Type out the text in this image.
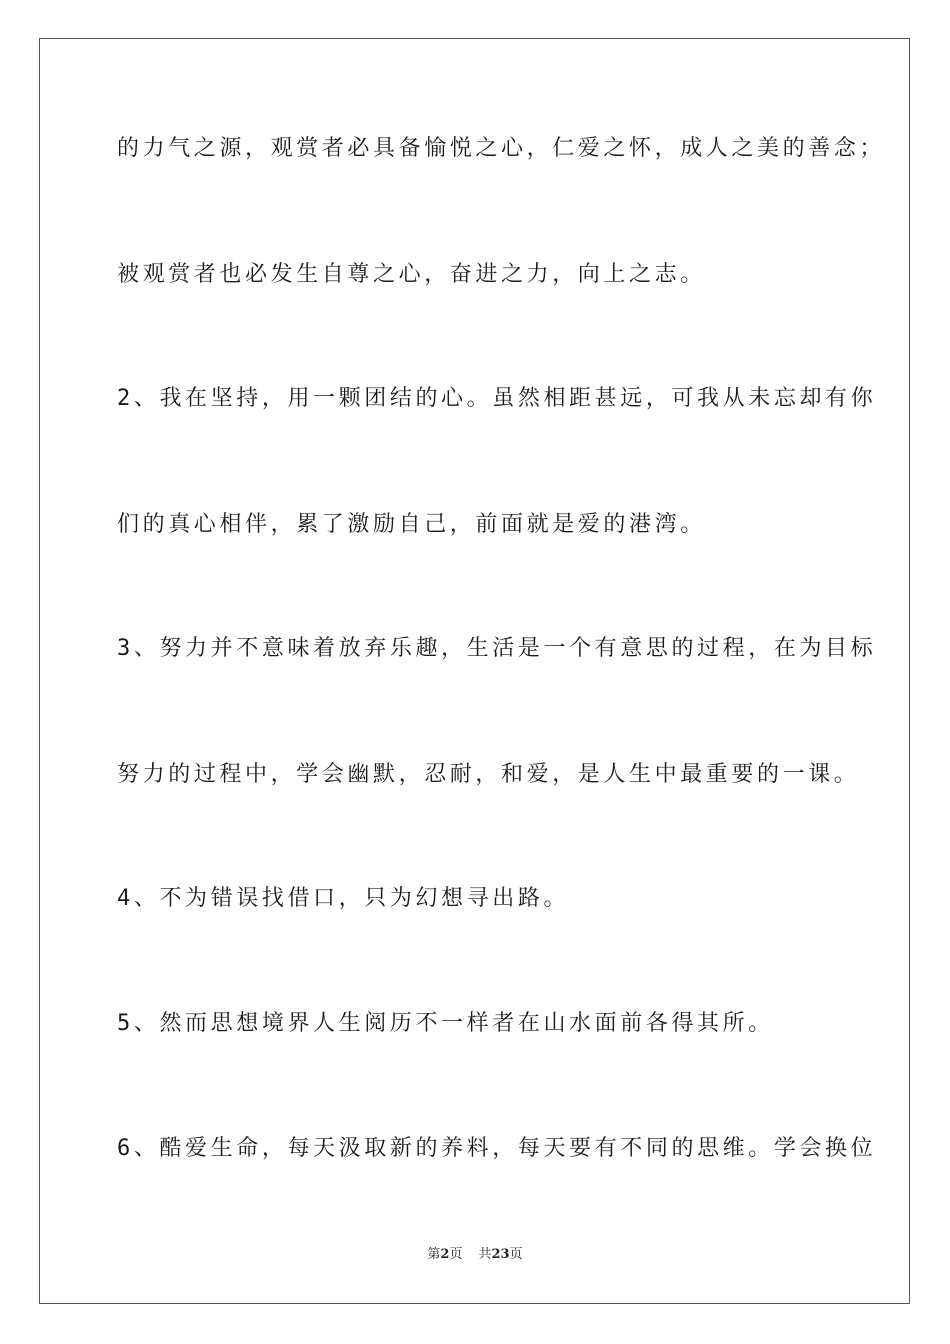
的力气之源，观赏者必具备愉悦之心，仁爱之怀，成人之美的善念；

被观赏者也必发生自尊之心，奋进之力，向上之志。

2、我在坚持，用一颗团结的心。虽然相距甚远，可我从未忘却有你

们的真心相伴，累了激励自己，前面就是爱的港湾。

3、努力并不意味着放弃乐趣，生活是一个有意思的过程，在为目标

努力的过程中，学会幽默，忍耐，和爱，是人生中最重要的一课。

4、不为错误找借口，只为幻想寻出路。

5、然而思想境界人生阅历不一样者在山水面前各得其所。

6、酷爱生命，每天汲取新的养料，每天要有不同的思维。学会换位

第2页 共23页
